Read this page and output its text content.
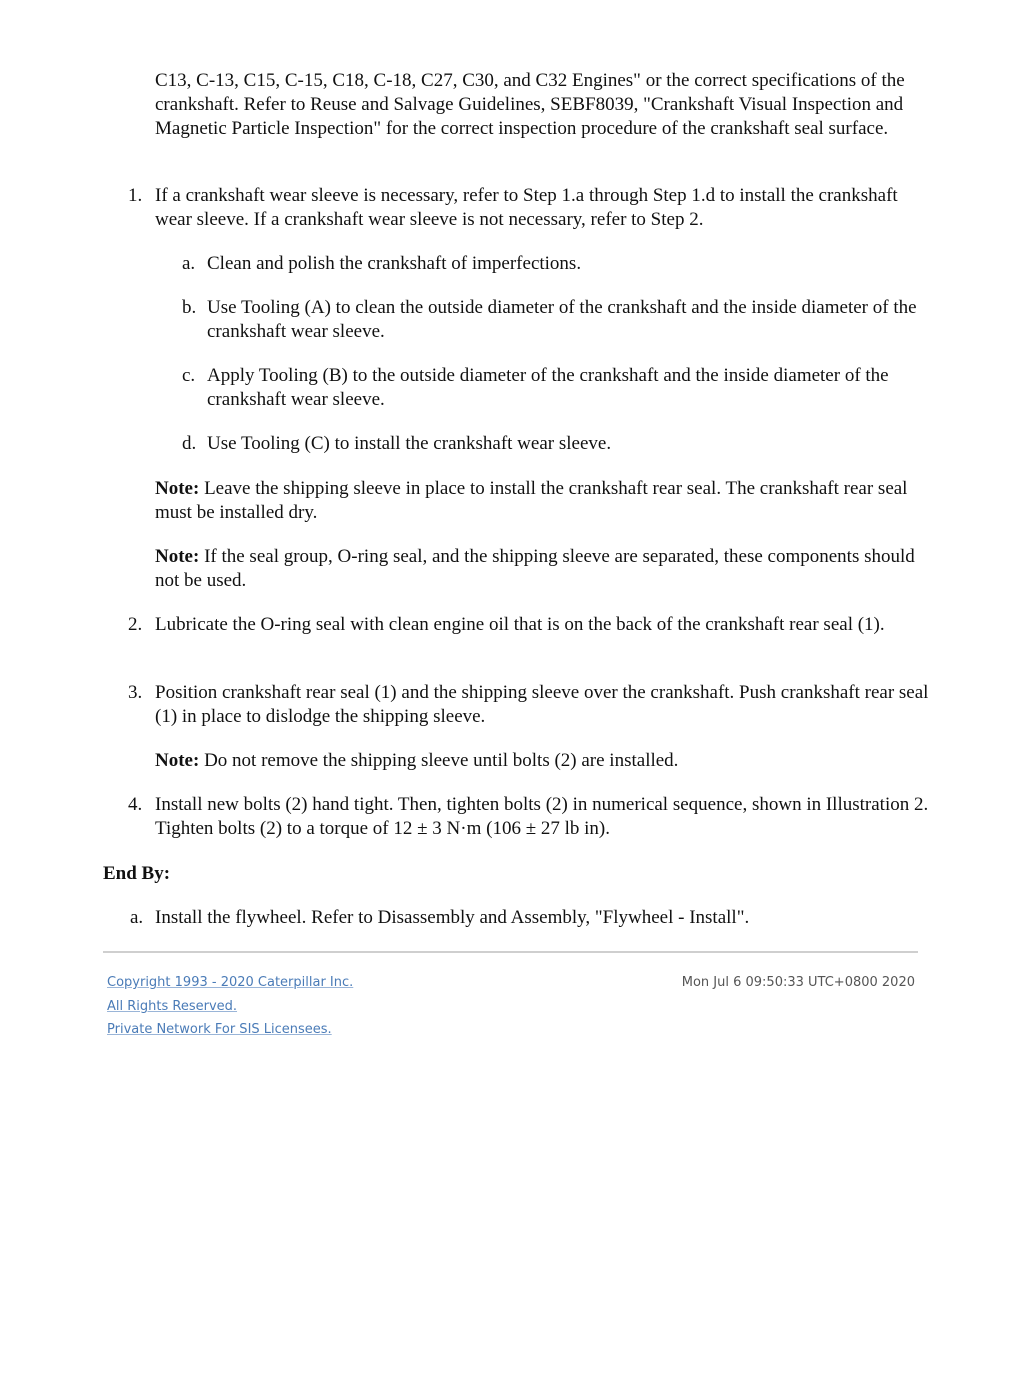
C13, C-13, C15, C-15, C18, C-18, C27, C30, and C32 Engines" or the correct specifications of the crankshaft. Refer to Reuse and Salvage Guidelines, SEBF8039, "Crankshaft Visual Inspection and Magnetic Particle Inspection" for the correct inspection procedure of the crankshaft seal surface.

1. If a crankshaft wear sleeve is necessary, refer to Step 1.a through Step 1.d to install the crankshaft wear sleeve. If a crankshaft wear sleeve is not necessary, refer to Step 2.
a. Clean and polish the crankshaft of imperfections.
b. Use Tooling (A) to clean the outside diameter of the crankshaft and the inside diameter of the crankshaft wear sleeve.
c. Apply Tooling (B) to the outside diameter of the crankshaft and the inside diameter of the crankshaft wear sleeve.
d. Use Tooling (C) to install the crankshaft wear sleeve.

Note: Leave the shipping sleeve in place to install the crankshaft rear seal. The crankshaft rear seal must be installed dry.

Note: If the seal group, O-ring seal, and the shipping sleeve are separated, these components should not be used.

2. Lubricate the O-ring seal with clean engine oil that is on the back of the crankshaft rear seal (1).
3. Position crankshaft rear seal (1) and the shipping sleeve over the crankshaft. Push crankshaft rear seal (1) in place to dislodge the shipping sleeve.

Note: Do not remove the shipping sleeve until bolts (2) are installed.

4. Install new bolts (2) hand tight. Then, tighten bolts (2) in numerical sequence, shown in Illustration 2. Tighten bolts (2) to a torque of 12 ± 3 N·m (106 ± 27 lb in).

End By:

a. Install the flywheel. Refer to Disassembly and Assembly, "Flywheel - Install".
Copyright 1993 - 2020 Caterpillar Inc.
All Rights Reserved.
Private Network For SIS Licensees.
Mon Jul 6 09:50:33 UTC+0800 2020
